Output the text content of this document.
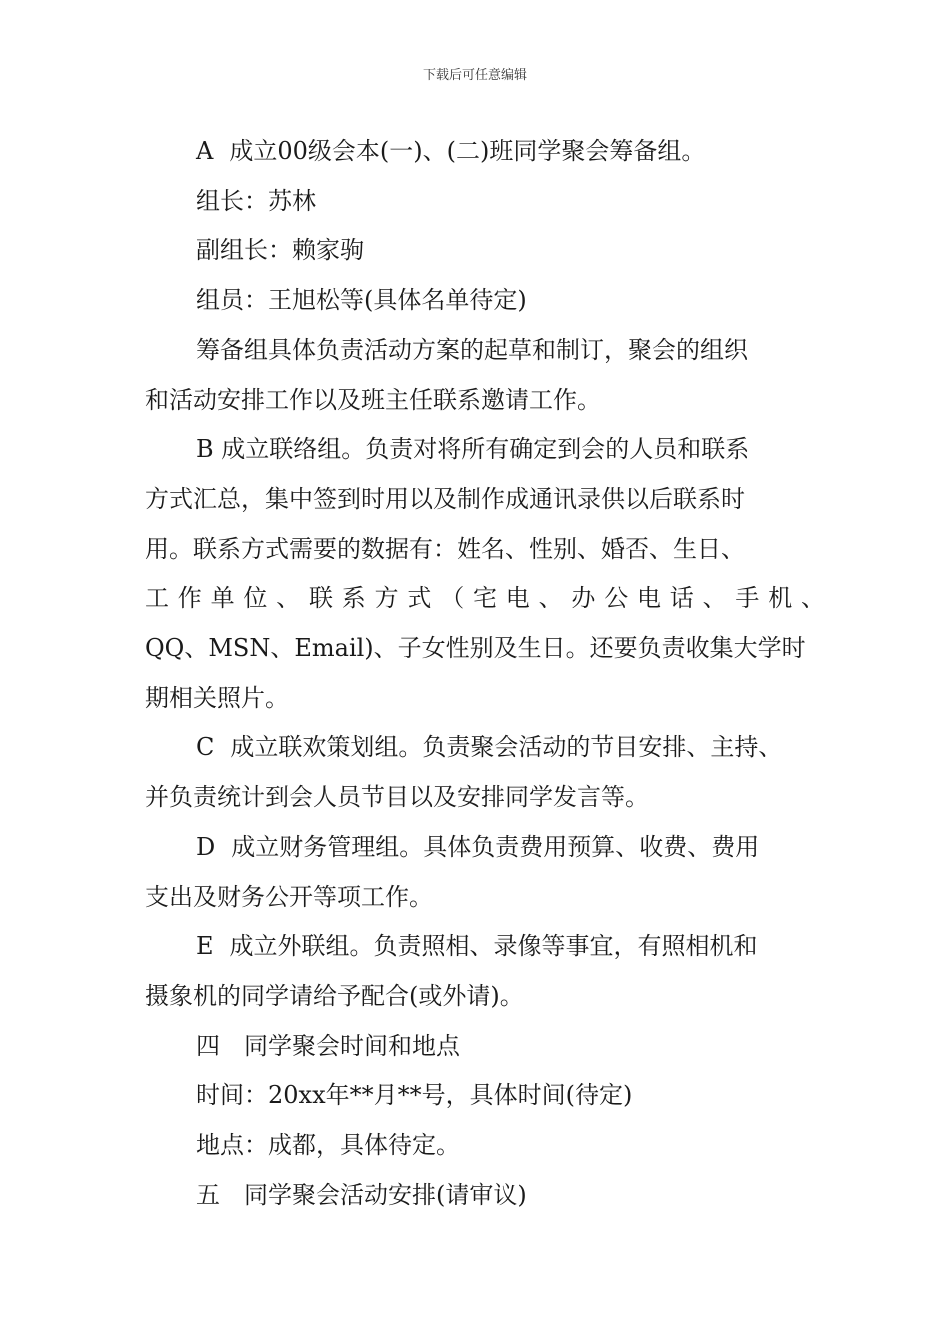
下载后可任意编辑

A 成立00级会本(一)、(二)班同学聚会筹备组。

组长：苏林

副组长：赖家驹

组员：王旭松等(具体名单待定)

筹备组具体负责活动方案的起草和制订，聚会的组织

和活动安排工作以及班主任联系邀请工作。

B 成立联络组。负责对将所有确定到会的人员和联系

方式汇总，集中签到时用以及制作成通讯录供以后联系时

用。联系方式需要的数据有：姓名、性别、婚否、生日、

工作单位、联系方式（宅电、办公电话、手机、

QQ、MSN、Email)、子女性别及生日。还要负责收集大学时

期相关照片。

C 成立联欢策划组。负责聚会活动的节目安排、主持、

并负责统计到会人员节目以及安排同学发言等。

D 成立财务管理组。具体负责费用预算、收费、费用

支出及财务公开等项工作。

E 成立外联组。负责照相、录像等事宜，有照相机和

摄象机的同学请给予配合(或外请)。

四 同学聚会时间和地点

时间：20xx年**月**号，具体时间(待定)

地点：成都，具体待定。

五 同学聚会活动安排(请审议)
